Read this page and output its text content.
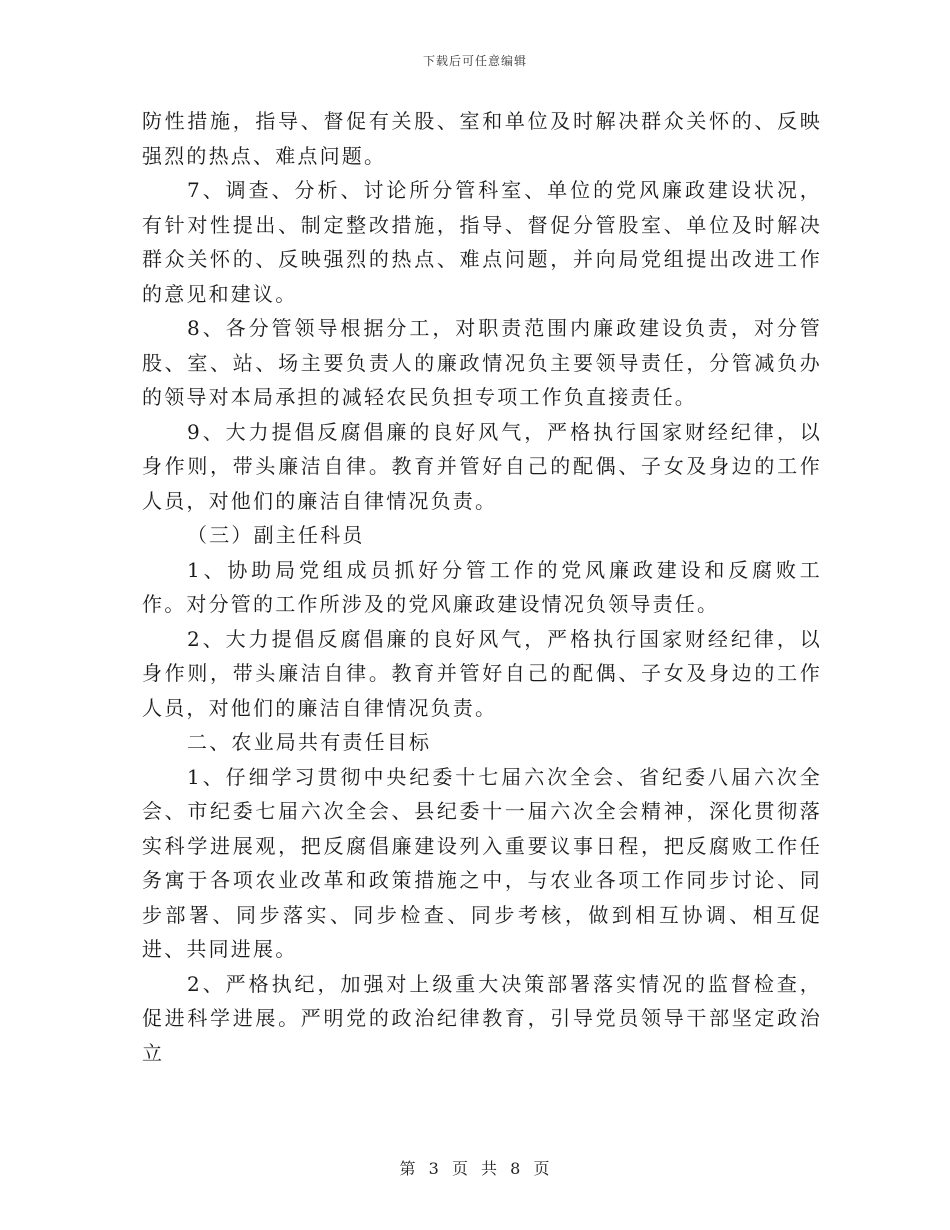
下载后可任意编辑

防性措施，指导、督促有关股、室和单位及时解决群众关怀的、反映强烈的热点、难点问题。

7、调查、分析、讨论所分管科室、单位的党风廉政建设状况，有针对性提出、制定整改措施，指导、督促分管股室、单位及时解决群众关怀的、反映强烈的热点、难点问题，并向局党组提出改进工作的意见和建议。

8、各分管领导根据分工，对职责范围内廉政建设负责，对分管股、室、站、场主要负责人的廉政情况负主要领导责任，分管减负办的领导对本局承担的减轻农民负担专项工作负直接责任。

9、大力提倡反腐倡廉的良好风气，严格执行国家财经纪律，以身作则，带头廉洁自律。教育并管好自己的配偶、子女及身边的工作人员，对他们的廉洁自律情况负责。

（三）副主任科员

1、协助局党组成员抓好分管工作的党风廉政建设和反腐败工作。对分管的工作所涉及的党风廉政建设情况负领导责任。

2、大力提倡反腐倡廉的良好风气，严格执行国家财经纪律，以身作则，带头廉洁自律。教育并管好自己的配偶、子女及身边的工作人员，对他们的廉洁自律情况负责。

二、农业局共有责任目标

1、仔细学习贯彻中央纪委十七届六次全会、省纪委八届六次全会、市纪委七届六次全会、县纪委十一届六次全会精神，深化贯彻落实科学进展观，把反腐倡廉建设列入重要议事日程，把反腐败工作任务寓于各项农业改革和政策措施之中，与农业各项工作同步讨论、同步部署、同步落实、同步检查、同步考核，做到相互协调、相互促进、共同进展。

2、严格执纪，加强对上级重大决策部署落实情况的监督检查，促进科学进展。严明党的政治纪律教育，引导党员领导干部坚定政治立

第 3 页 共 8 页
